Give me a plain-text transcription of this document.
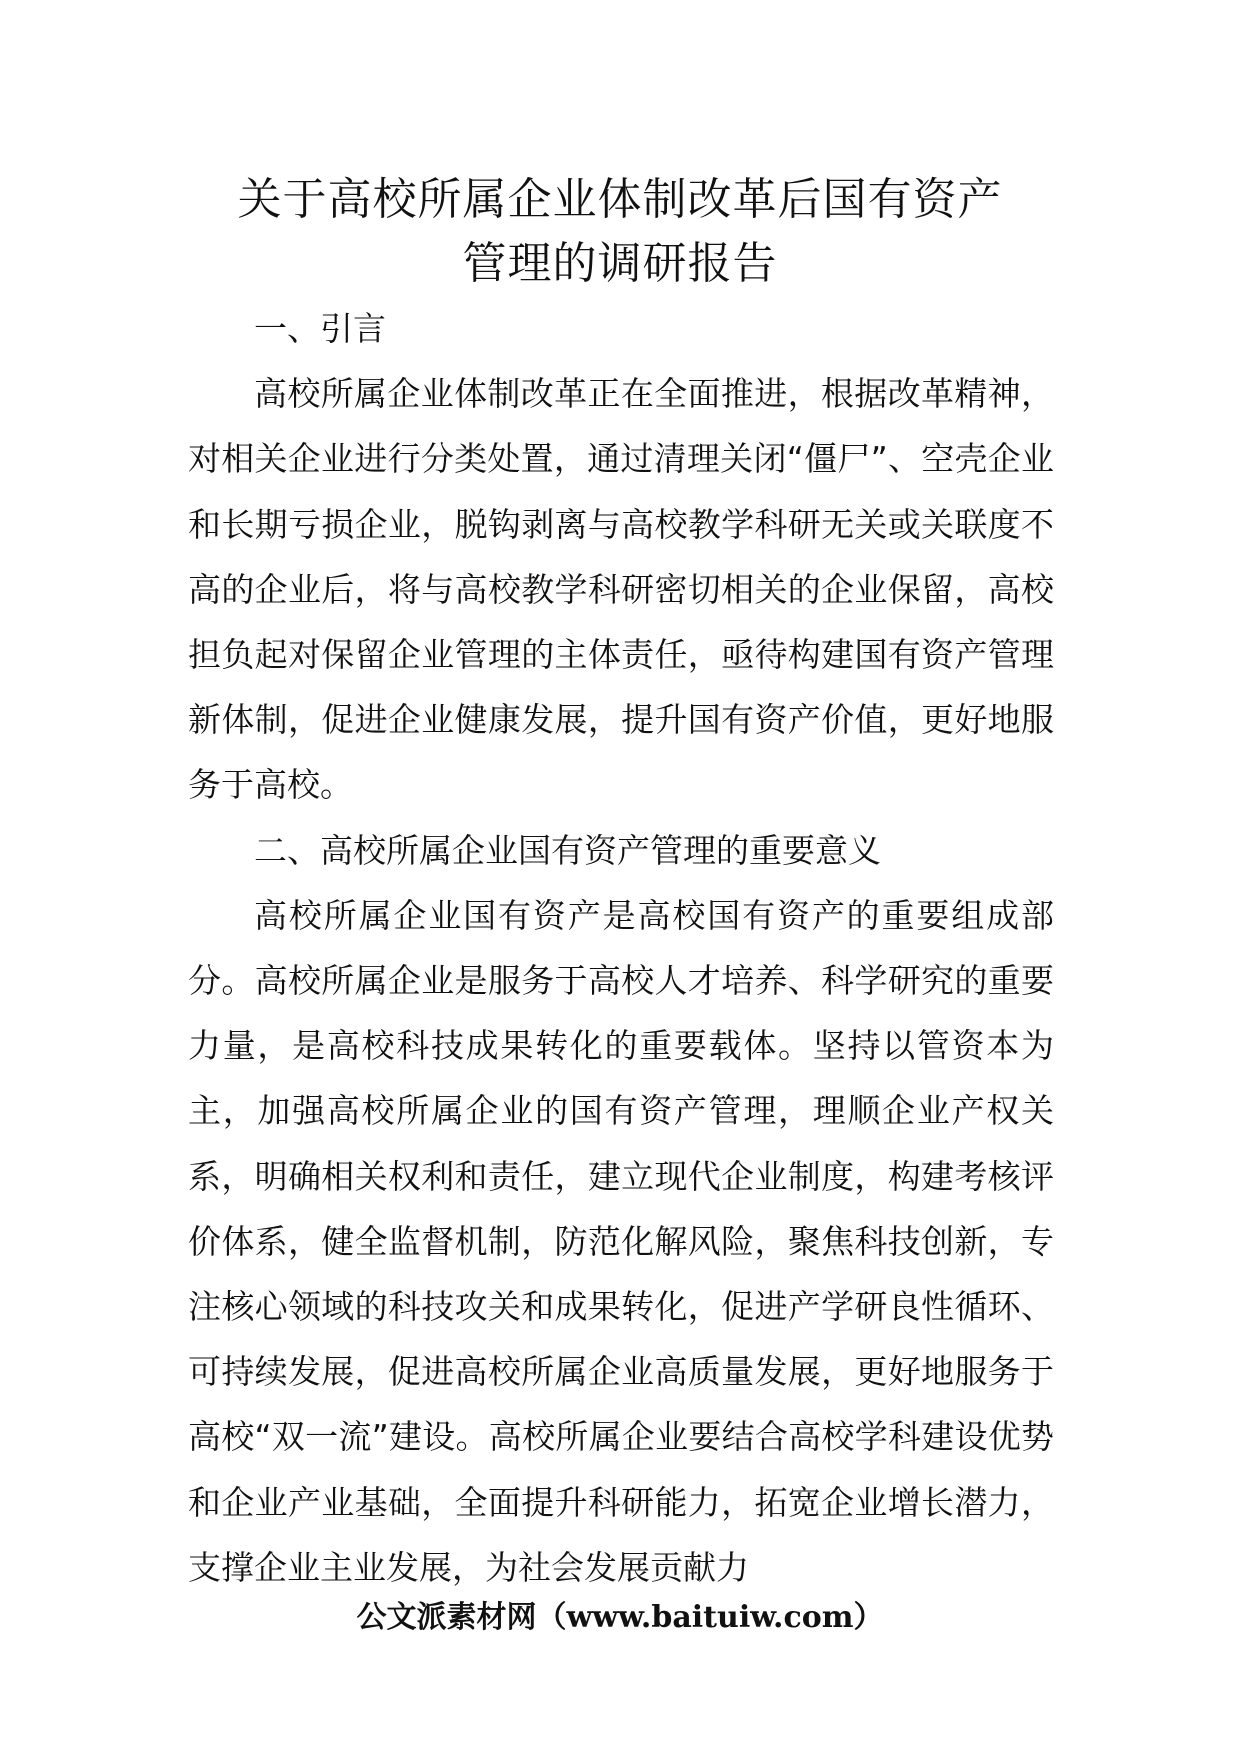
关于高校所属企业体制改革后国有资产
管理的调研报告

一、引言

高校所属企业体制改革正在全面推进，根据改革精神，对相关企业进行分类处置，通过清理关闭“僵尸”、空壳企业和长期亏损企业，脱钩剥离与高校教学科研无关或关联度不高的企业后，将与高校教学科研密切相关的企业保留，高校担负起对保留企业管理的主体责任，亟待构建国有资产管理新体制，促进企业健康发展，提升国有资产价值，更好地服务于高校。

二、高校所属企业国有资产管理的重要意义

高校所属企业国有资产是高校国有资产的重要组成部分。高校所属企业是服务于高校人才培养、科学研究的重要力量，是高校科技成果转化的重要载体。坚持以管资本为主，加强高校所属企业的国有资产管理，理顺企业产权关系，明确相关权利和责任，建立现代企业制度，构建考核评价体系，健全监督机制，防范化解风险，聚焦科技创新，专注核心领域的科技攻关和成果转化，促进产学研良性循环、可持续发展，促进高校所属企业高质量发展，更好地服务于高校“双一流”建设。高校所属企业要结合高校学科建设优势和企业产业基础，全面提升科研能力，拓宽企业增长潜力，支撑企业主业发展，为社会发展贡献力

公文派素材网（www.baituiw.com）
